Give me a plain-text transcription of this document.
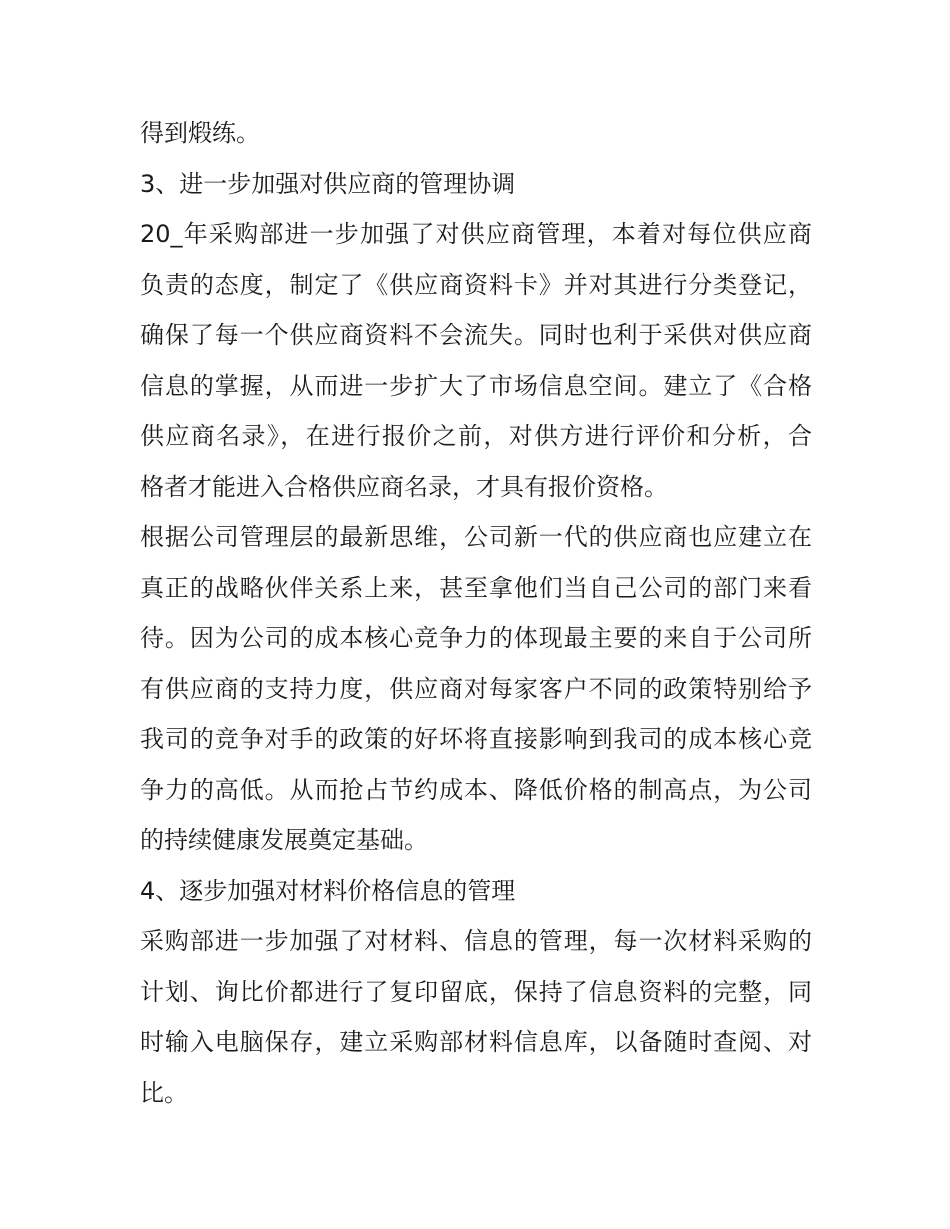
得到煅练。
3、进一步加强对供应商的管理协调
20_年采购部进一步加强了对供应商管理，本着对每位供应商
负责的态度，制定了《供应商资料卡》并对其进行分类登记，
确保了每一个供应商资料不会流失。同时也利于采供对供应商
信息的掌握，从而进一步扩大了市场信息空间。建立了《合格
供应商名录》，在进行报价之前，对供方进行评价和分析，合
格者才能进入合格供应商名录，才具有报价资格。
根据公司管理层的最新思维，公司新一代的供应商也应建立在
真正的战略伙伴关系上来，甚至拿他们当自己公司的部门来看
待。因为公司的成本核心竞争力的体现最主要的来自于公司所
有供应商的支持力度，供应商对每家客户不同的政策特别给予
我司的竞争对手的政策的好坏将直接影响到我司的成本核心竞
争力的高低。从而抢占节约成本、降低价格的制高点，为公司
的持续健康发展奠定基础。
4、逐步加强对材料价格信息的管理
采购部进一步加强了对材料、信息的管理，每一次材料采购的
计划、询比价都进行了复印留底，保持了信息资料的完整，同
时输入电脑保存，建立采购部材料信息库，以备随时查阅、对
比。
